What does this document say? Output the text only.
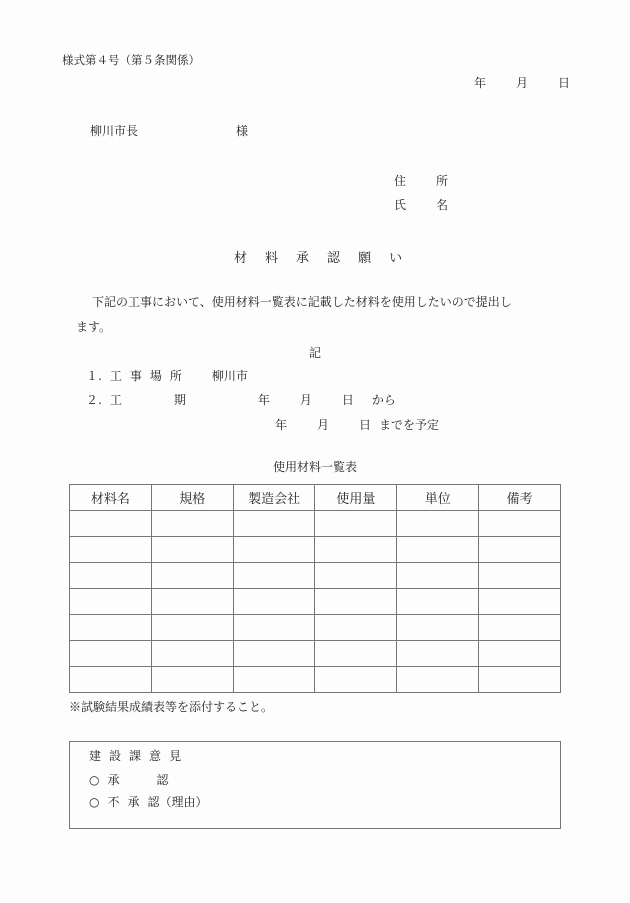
様式第４号（第５条関係）
年	月	日
柳川市長	様
住	所
氏	名
材 料 承 認 願 い
下記の工事において、使用材料一覧表に記載した材料を使用したいので提出し
ます。
記
１. 工 事 場 所	柳川市
２. 工	期	年	月	日 から
年	月	日 までを予定
使用材料一覧表
材料名	規格	製造会社	使用量	単位	備考

※試験結果成績表等を添付すること。
建 設 課 意 見
○ 承	認
○ 不 承 認（理由）
